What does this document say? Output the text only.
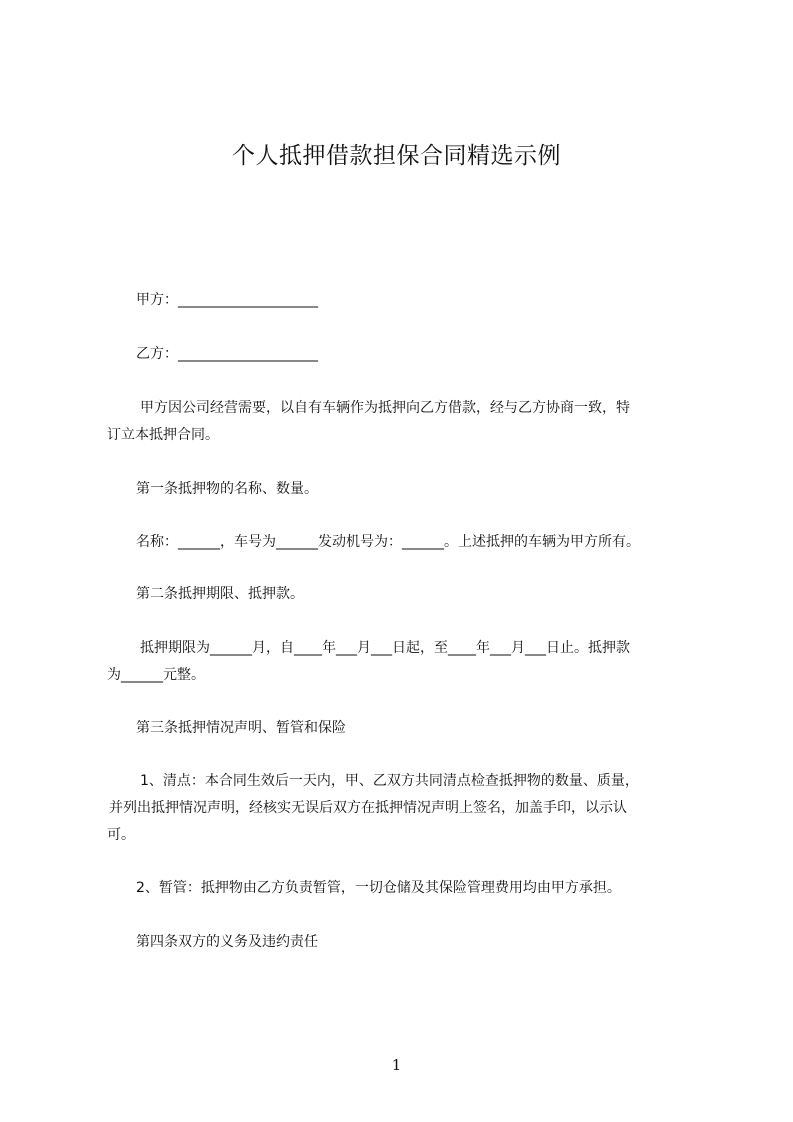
个人抵押借款担保合同精选示例
甲方：____________________
乙方：____________________
甲方因公司经营需要，以自有车辆作为抵押向乙方借款，经与乙方协商一致，特
订立本抵押合同。
第一条抵押物的名称、数量。
名称：______，车号为______发动机号为：______。上述抵押的车辆为甲方所有。
第二条抵押期限、抵押款。
抵押期限为______月，自____年___月___日起，至____年___月___日止。抵押款
为______元整。
第三条抵押情况声明、暂管和保险
1、清点：本合同生效后一天内，甲、乙双方共同清点检查抵押物的数量、质量，
并列出抵押情况声明，经核实无误后双方在抵押情况声明上签名，加盖手印，以示认
可。
2、暂管：抵押物由乙方负责暂管，一切仓储及其保险管理费用均由甲方承担。
第四条双方的义务及违约责任
1
